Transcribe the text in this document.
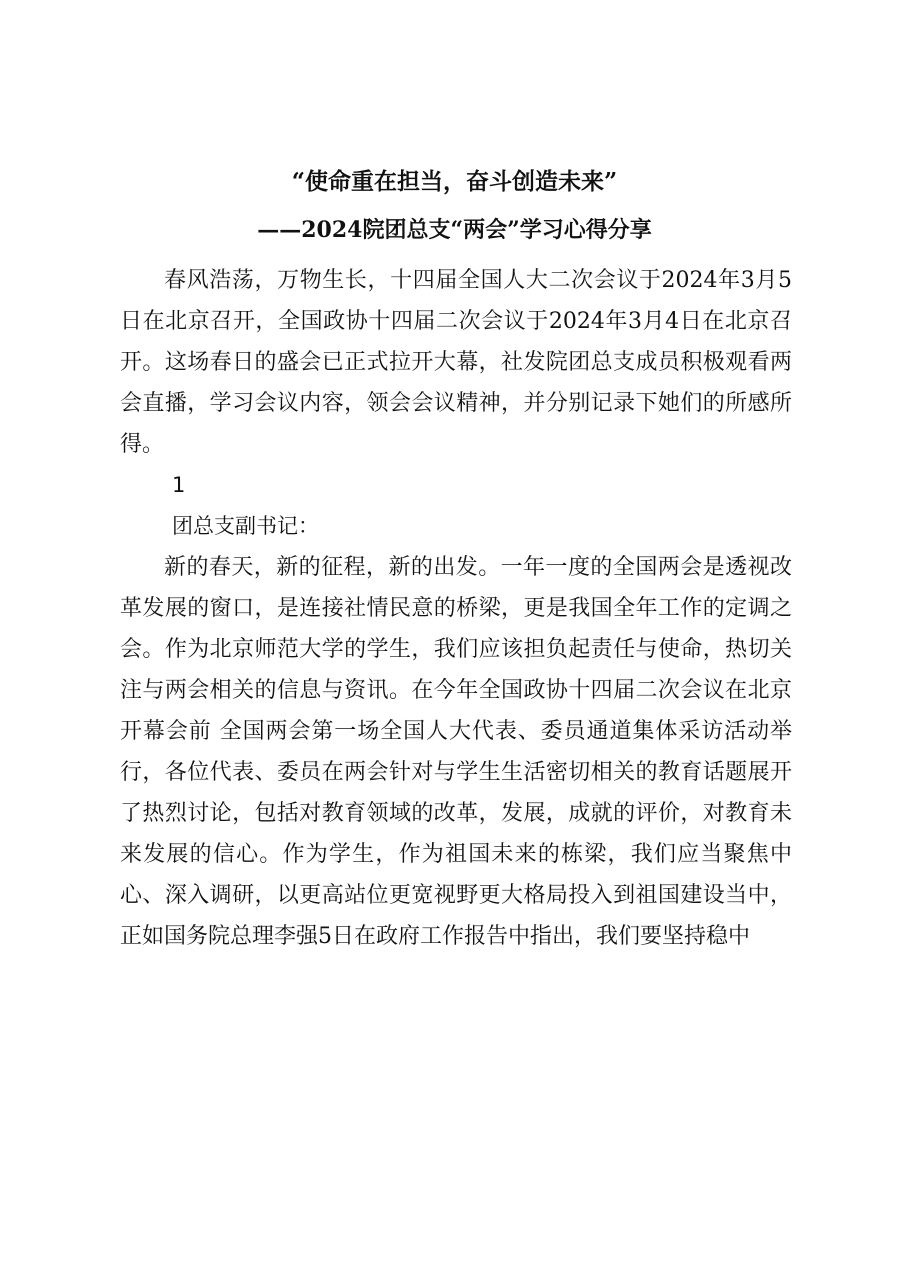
“使命重在担当，奋斗创造未来”
——2024院团总支“两会”学习心得分享

春风浩荡，万物生长，十四届全国人大二次会议于2024年3月5日在北京召开，全国政协十四届二次会议于2024年3月4日在北京召开。这场春日的盛会已正式拉开大幕，社发院团总支成员积极观看两会直播，学习会议内容，领会会议精神，并分别记录下她们的所感所得。

1

团总支副书记：

新的春天，新的征程，新的出发。一年一度的全国两会是透视改革发展的窗口，是连接社情民意的桥梁，更是我国全年工作的定调之会。作为北京师范大学的学生，我们应该担负起责任与使命，热切关注与两会相关的信息与资讯。在今年全国政协十四届二次会议在北京开幕会前 全国两会第一场全国人大代表、委员通道集体采访活动举行，各位代表、委员在两会针对与学生生活密切相关的教育话题展开了热烈讨论，包括对教育领域的改革，发展，成就的评价，对教育未来发展的信心。作为学生，作为祖国未来的栋梁，我们应当聚焦中心、深入调研，以更高站位更宽视野更大格局投入到祖国建设当中，正如国务院总理李强5日在政府工作报告中指出，我们要坚持稳中
